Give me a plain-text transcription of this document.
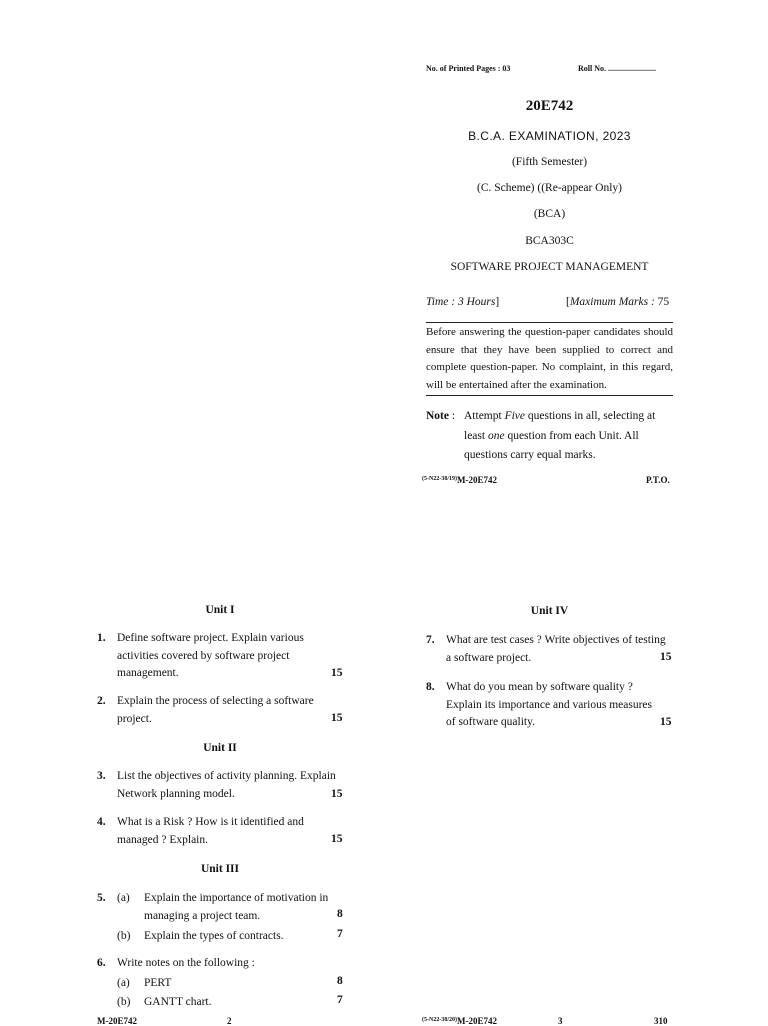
No. of Printed Pages : 03	Roll No. ........................
20E742
B.C.A. EXAMINATION, 2023
(Fifth Semester)
(C. Scheme) ((Re-appear Only)
(BCA)
BCA303C
SOFTWARE PROJECT MANAGEMENT
Time : 3 Hours]	[Maximum Marks : 75
Before answering the question-paper candidates should ensure that they have been supplied to correct and complete question-paper. No complaint, in this regard, will be entertained after the examination.
Note : Attempt Five questions in all, selecting at
least one question from each Unit. All
questions carry equal marks.
(5-N22-38/19) M-20E742	P.T.O.
Unit I
1. Define software project. Explain various
activities covered by software project
management.	15
2. Explain the process of selecting a software
project.	15
Unit II
3. List the objectives of activity planning. Explain
Network planning model.	15
4. What is a Risk ? How is it identified and
managed ? Explain.	15
Unit III
5. (a) Explain the importance of motivation in
managing a project team.	8
(b) Explain the types of contracts.	7
6. Write notes on the following :
(a) PERT	8
(b) GANTT chart.	7
M-20E742	2
Unit IV
7. What are test cases ? Write objectives of testing
a software project.	15
8. What do you mean by software quality ?
Explain its importance and various measures
of software quality.	15
(5-N22-38/20) M-20E742	3	310
